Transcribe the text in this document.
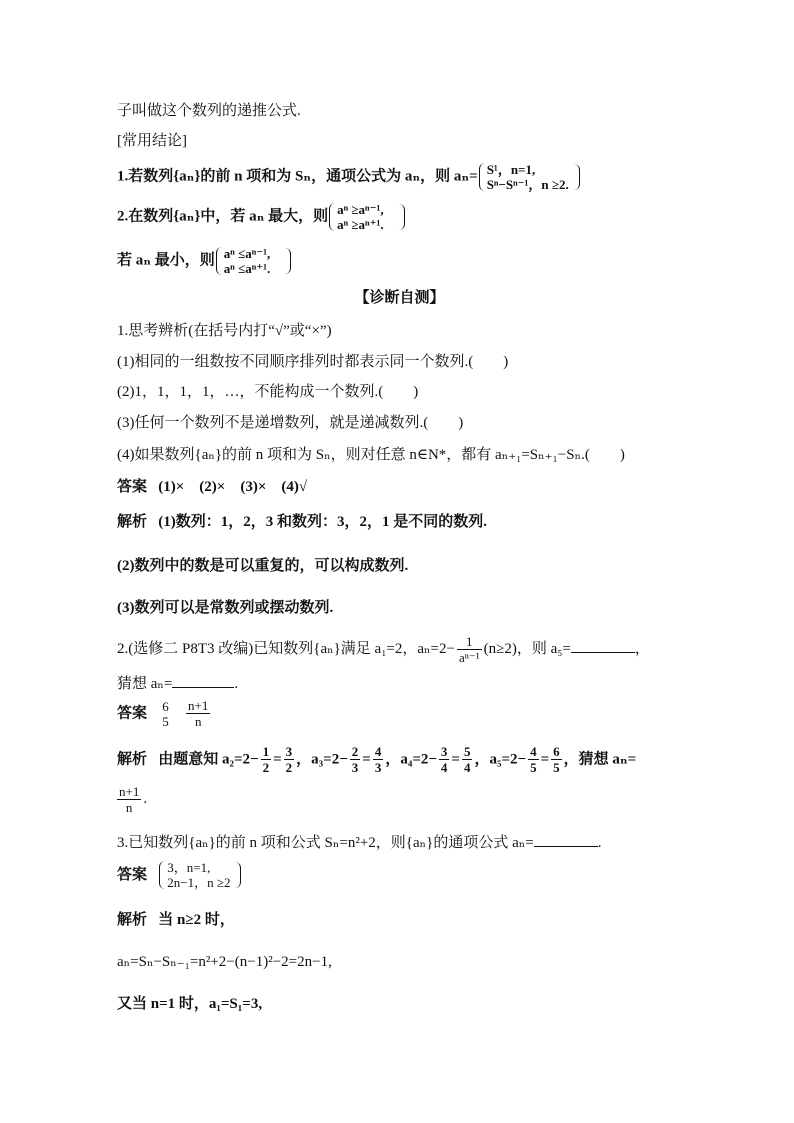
子叫做这个数列的递推公式.
[常用结论]
1.若数列{aₙ}的前 n 项和为 Sₙ，通项公式为 aₙ，则 aₙ= S¹，n=1,
Sⁿ−Sⁿ⁻¹，n ≥2.
2.在数列{aₙ}中，若 aₙ 最大，则 aⁿ ≥aⁿ⁻¹,
aⁿ ≥aⁿ⁺¹.
若 aₙ 最小，则 aⁿ ≤aⁿ⁻¹,
aⁿ ≤aⁿ⁺¹.
【诊断自测】
1.思考辨析(在括号内打“√”或“×”)
(1)相同的一组数按不同顺序排列时都表示同一个数列.(　　)
(2)1，1，1，1，…，不能构成一个数列.(　　)
(3)任何一个数列不是递增数列，就是递减数列.(　　)
(4)如果数列{aₙ}的前 n 项和为 Sₙ，则对任意 n∈N*，都有 aₙ₊₁=Sₙ₊₁−Sₙ.(　　)
答案 (1)×　(2)×　(3)×　(4)√
解析 (1)数列：1，2，3 和数列：3，2，1 是不同的数列.
(2)数列中的数是可以重复的，可以构成数列.
(3)数列可以是常数列或摆动数列.
2.(选修二 P8T3 改编)已知数列{aₙ}满足 a₁=2，$a_n=2- \frac{1}{\text{aⁿ⁻¹}} (n\ge 2)$，则 a₅=	，
猜想 aₙ=	.
答案 6
5
$\frac{n+1}{n}$
解析 由题意知 $a_2=2- \frac{1}{2} = \frac{3}{2}$ ，$a_3=2- \frac{2}{3} = \frac{4}{3}$ ，$a_4=2- \frac{3}{4} = \frac{5}{4}$ ，$a_5=2- \frac{4}{5} = \frac{6}{5}$ ，猜想 aₙ=
$\frac{n+1}{n}$ .
3.已知数列{aₙ}的前 n 项和公式 Sₙ=n²+2，则{aₙ}的通项公式 aₙ=	.
答案 3，n=1,
2n−1，n ≥2
解析 当 n≥2 时，
aₙ=Sₙ−Sₙ₋₁=n²+2−(n−1)²−2=2n−1,
又当 n=1 时，a₁=S₁=3,
